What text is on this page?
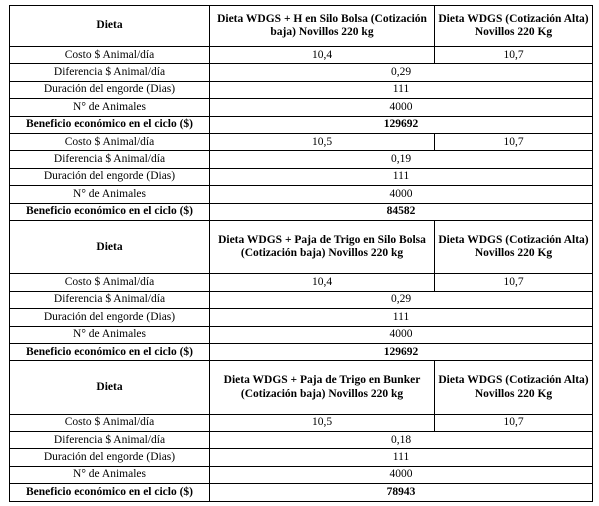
Dieta	Dieta WDGS + H en Silo Bolsa (Cotización baja) Novillos 220 kg	Dieta WDGS (Cotización Alta) Novillos 220 Kg
Costo $ Animal/día	10,4	10,7
Diferencia $ Animal/día	0,29	
Duración del engorde (Dias)	111	
N° de Animales	4000	
Beneficio económico en el ciclo ($)	129692	
Costo $ Animal/día	10,5	10,7
Diferencia $ Animal/día	0,19	
Duración del engorde (Dias)	111	
N° de Animales	4000	
Beneficio económico en el ciclo ($)	84582	
Dieta	Dieta WDGS + Paja de Trigo en Silo Bolsa (Cotización baja) Novillos 220 kg	Dieta WDGS (Cotización Alta) Novillos 220 Kg
Costo $ Animal/día	10,4	10,7
Diferencia $ Animal/día	0,29	
Duración del engorde (Dias)	111	
N° de Animales	4000	
Beneficio económico en el ciclo ($)	129692	
Dieta	Dieta WDGS + Paja de Trigo en Bunker (Cotización baja) Novillos 220 kg	Dieta WDGS (Cotización Alta) Novillos 220 Kg
Costo $ Animal/día	10,5	10,7
Diferencia $ Animal/día	0,18	
Duración del engorde (Dias)	111	
N° de Animales	4000	
Beneficio económico en el ciclo ($)	78943	
